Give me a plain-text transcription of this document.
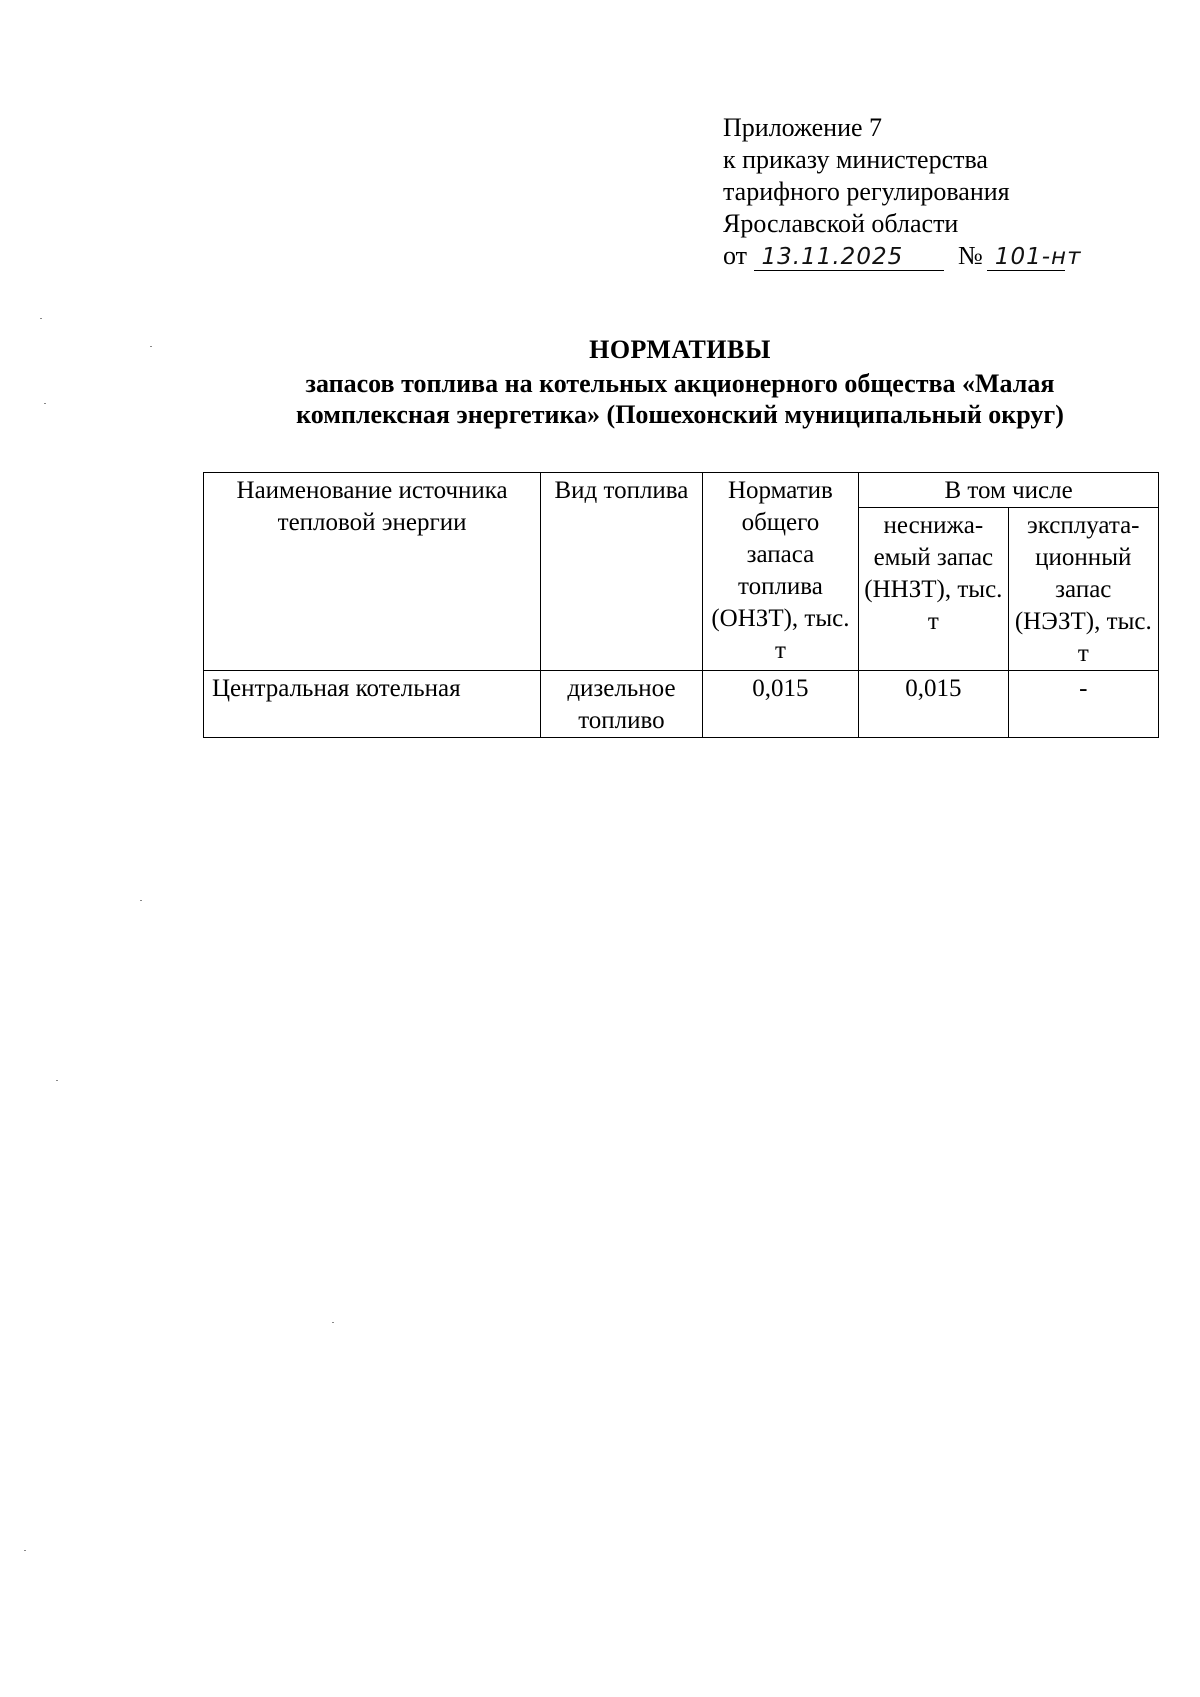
Приложение 7
к приказу министерства
тарифного регулирования
Ярославской области
от 13.11.2025 № 101-нт
НОРМАТИВЫ
запасов топлива на котельных акционерного общества «Малая
комплексная энергетика» (Пошехонский муниципальный округ)
Наименование источника тепловой энергии	Вид топлива	Норматив общего запаса топлива (ОНЗТ), тыс. т	В том числе	

			неснижа-емый запас (ННЗТ), тыс. т	эксплуата-ционный запас (НЭЗТ), тыс. т

Центральная котельная	дизельное топливо	0,015	0,015	-
